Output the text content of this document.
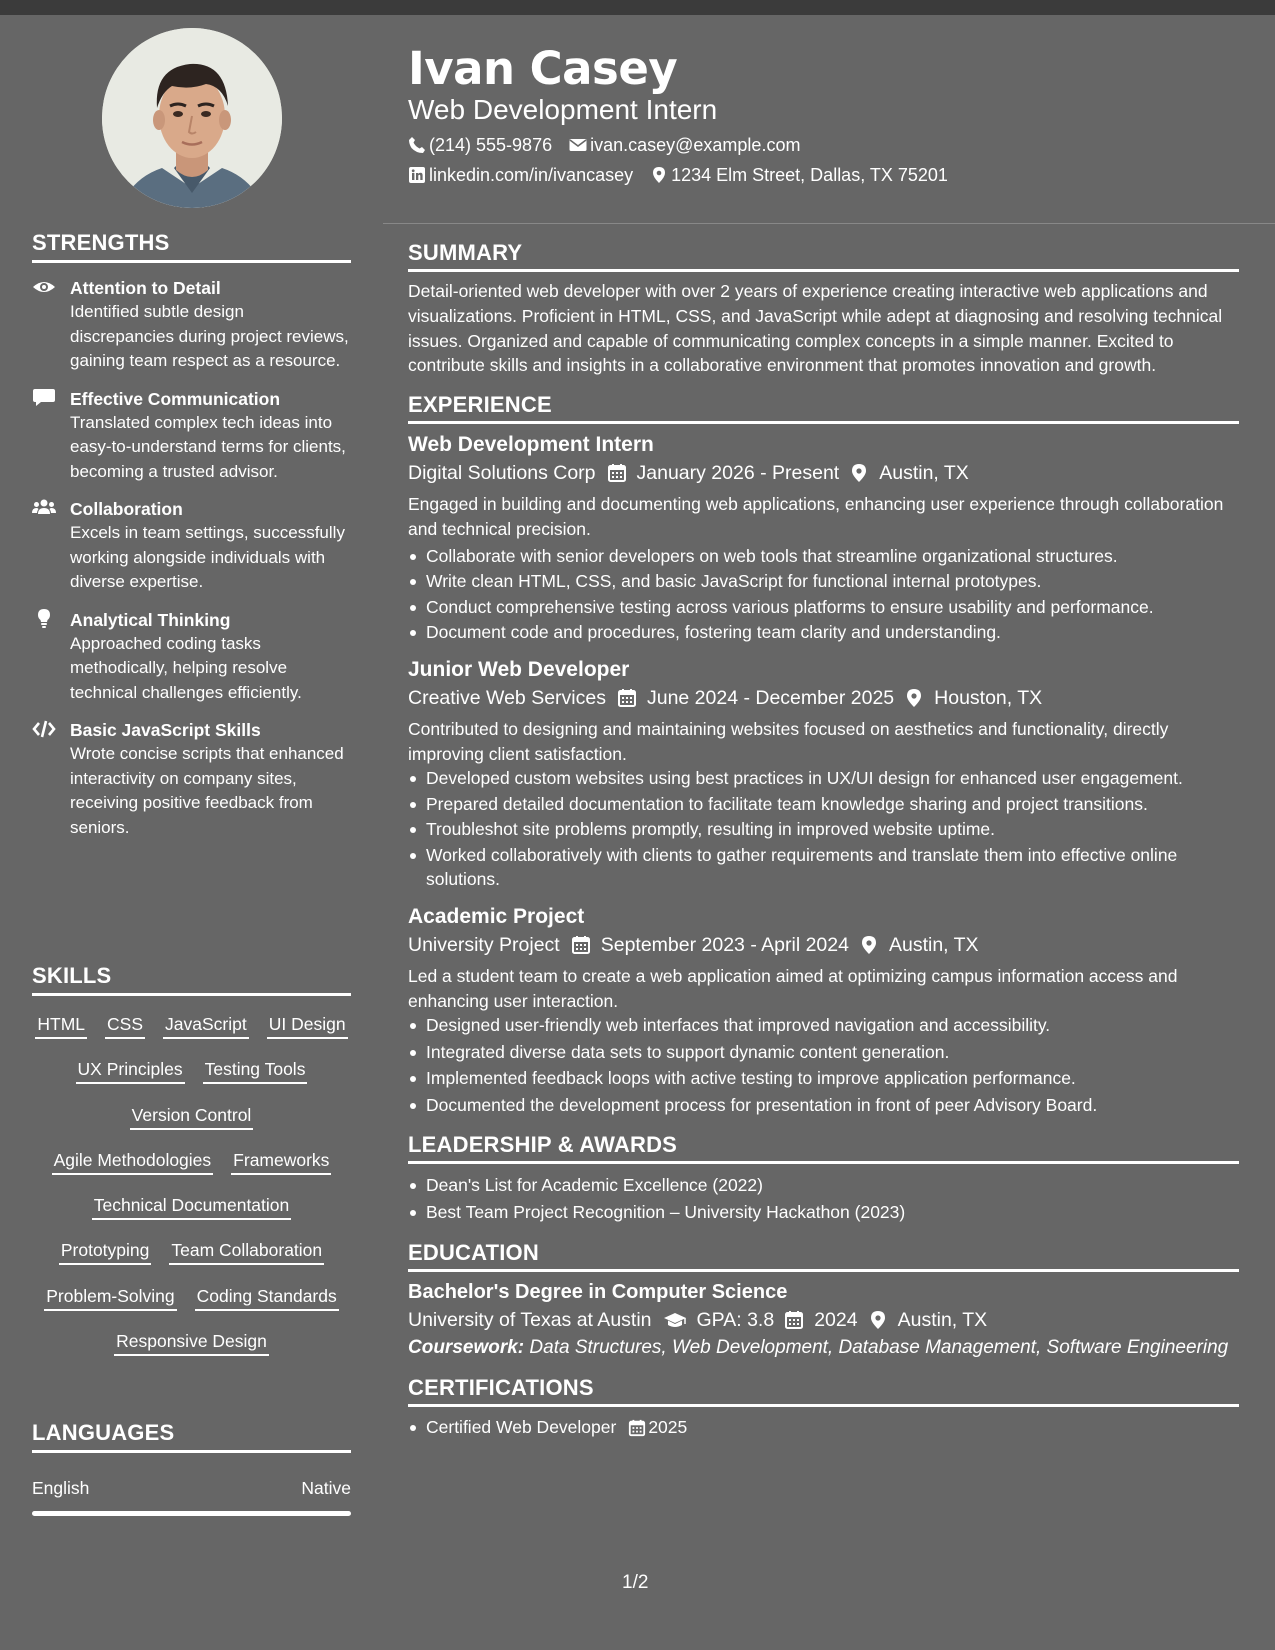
STRENGTHS
Attention to Detail
Identified subtle design discrepancies during project reviews, gaining team respect as a resource.
Effective Communication
Translated complex tech ideas into easy-to-understand terms for clients, becoming a trusted advisor.
Collaboration
Excels in team settings, successfully working alongside individuals with diverse expertise.
Analytical Thinking
Approached coding tasks methodically, helping resolve technical challenges efficiently.
Basic JavaScript Skills
Wrote concise scripts that enhanced interactivity on company sites, receiving positive feedback from seniors.
SKILLS
HTML CSS JavaScript UI Design
UX Principles Testing Tools
Version Control
Agile Methodologies Frameworks
Technical Documentation
Prototyping Team Collaboration
Problem-Solving Coding Standards
Responsive Design
LANGUAGES
English	Native
Ivan Casey
Web Development Intern
(214) 555-9876 ivan.casey@example.com
linkedin.com/in/ivancasey 1234 Elm Street, Dallas, TX 75201
SUMMARY
Detail-oriented web developer with over 2 years of experience creating interactive web applications and visualizations. Proficient in HTML, CSS, and JavaScript while adept at diagnosing and resolving technical issues. Organized and capable of communicating complex concepts in a simple manner. Excited to contribute skills and insights in a collaborative environment that promotes innovation and growth.
EXPERIENCE
Web Development Intern
Digital Solutions Corp January 2026 - Present Austin, TX
Engaged in building and documenting web applications, enhancing user experience through collaboration and technical precision.
Collaborate with senior developers on web tools that streamline organizational structures.
Write clean HTML, CSS, and basic JavaScript for functional internal prototypes.
Conduct comprehensive testing across various platforms to ensure usability and performance.
Document code and procedures, fostering team clarity and understanding.
Junior Web Developer
Creative Web Services June 2024 - December 2025 Houston, TX
Contributed to designing and maintaining websites focused on aesthetics and functionality, directly improving client satisfaction.
Developed custom websites using best practices in UX/UI design for enhanced user engagement.
Prepared detailed documentation to facilitate team knowledge sharing and project transitions.
Troubleshot site problems promptly, resulting in improved website uptime.
Worked collaboratively with clients to gather requirements and translate them into effective online solutions.
Academic Project
University Project September 2023 - April 2024 Austin, TX
Led a student team to create a web application aimed at optimizing campus information access and enhancing user interaction.
Designed user-friendly web interfaces that improved navigation and accessibility.
Integrated diverse data sets to support dynamic content generation.
Implemented feedback loops with active testing to improve application performance.
Documented the development process for presentation in front of peer Advisory Board.
LEADERSHIP & AWARDS
Dean's List for Academic Excellence (2022)
Best Team Project Recognition – University Hackathon (2023)
EDUCATION
Bachelor's Degree in Computer Science
University of Texas at Austin GPA: 3.8 2024 Austin, TX
Coursework: Data Structures, Web Development, Database Management, Software Engineering
CERTIFICATIONS
Certified Web Developer 2025
1/2
